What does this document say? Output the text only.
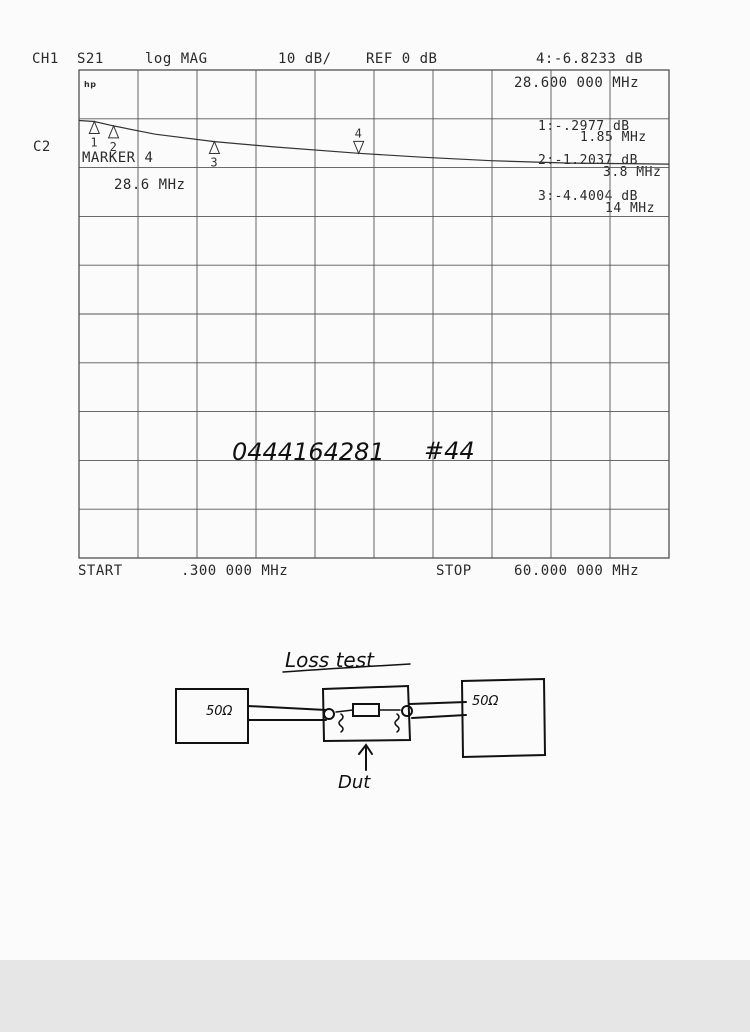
CH1 S21	log MAG	10 dB/ REF 0 dB	4:-6.8233 dB
28.600 000 MHz
C2
hp
MARKER 4
28.6 MHz
1:-.2977 dB
1.85 MHz
2:-1.2037 dB
3.8 MHz
3:-4.4004 dB
14 MHz
1 2
3
4
START	.300 000 MHz	STOP	60.000 000 MHz
0444164281 #44
Loss test
50Ω
50Ω
Dut
